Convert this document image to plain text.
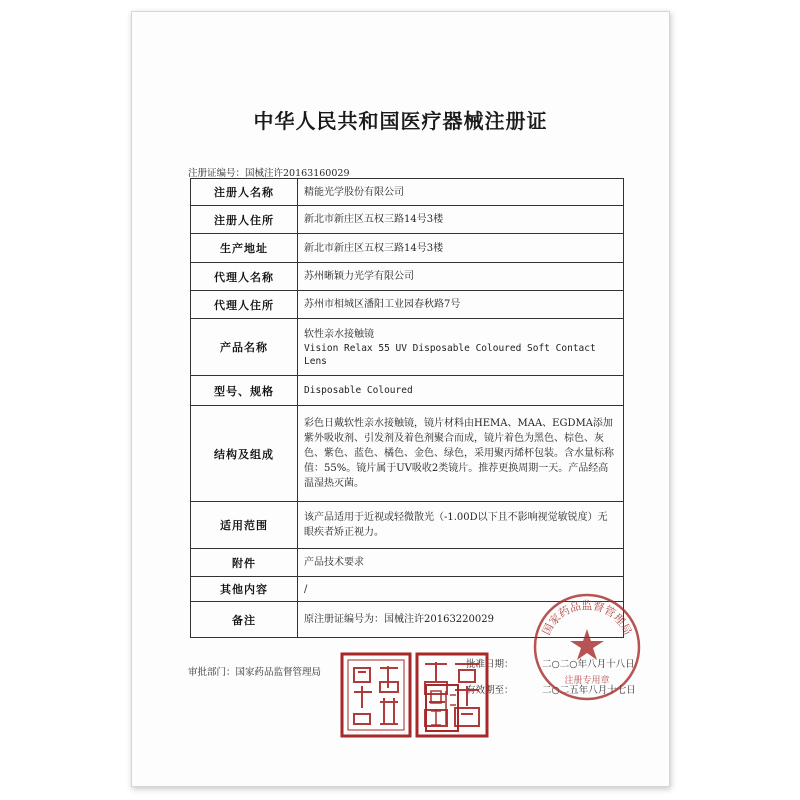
中华人民共和国医疗器械注册证
注册证编号：国械注许20163160029
注册人名称	精能光学股份有限公司
注册人住所	新北市新庄区五权三路14号3楼
生产地址	新北市新庄区五权三路14号3楼
代理人名称	苏州晰颖力光学有限公司
代理人住所	苏州市相城区潘阳工业园春秋路7号
产品名称	软性亲水接触镜
Vision Relax 55 UV Disposable Coloured Soft Contact Lens

型号、规格	Disposable Coloured
结构及组成	彩色日戴软性亲水接触镜，镜片材料由HEMA、MAA、EGDMA添加紫外吸收剂、引发剂及着色剂聚合而成，镜片着色为黑色、棕色、灰色、紫色、蓝色、橘色、金色、绿色，采用聚丙烯杯包装。含水量标称值：55%。镜片属于UV吸收2类镜片。推荐更换周期一天。产品经高温湿热灭菌。
适用范围	该产品适用于近视或轻微散光（-1.00D以下且不影响视觉敏锐度）无眼疾者矫正视力。
附件	产品技术要求
其他内容	/
备注	原注册证编号为：国械注许20163220029
审批部门：国家药品监督管理局
批准日期：	二○二○年八月十八日
有效期至：	二○二五年八月十七日
国家药品监督管理局
注册专用章
